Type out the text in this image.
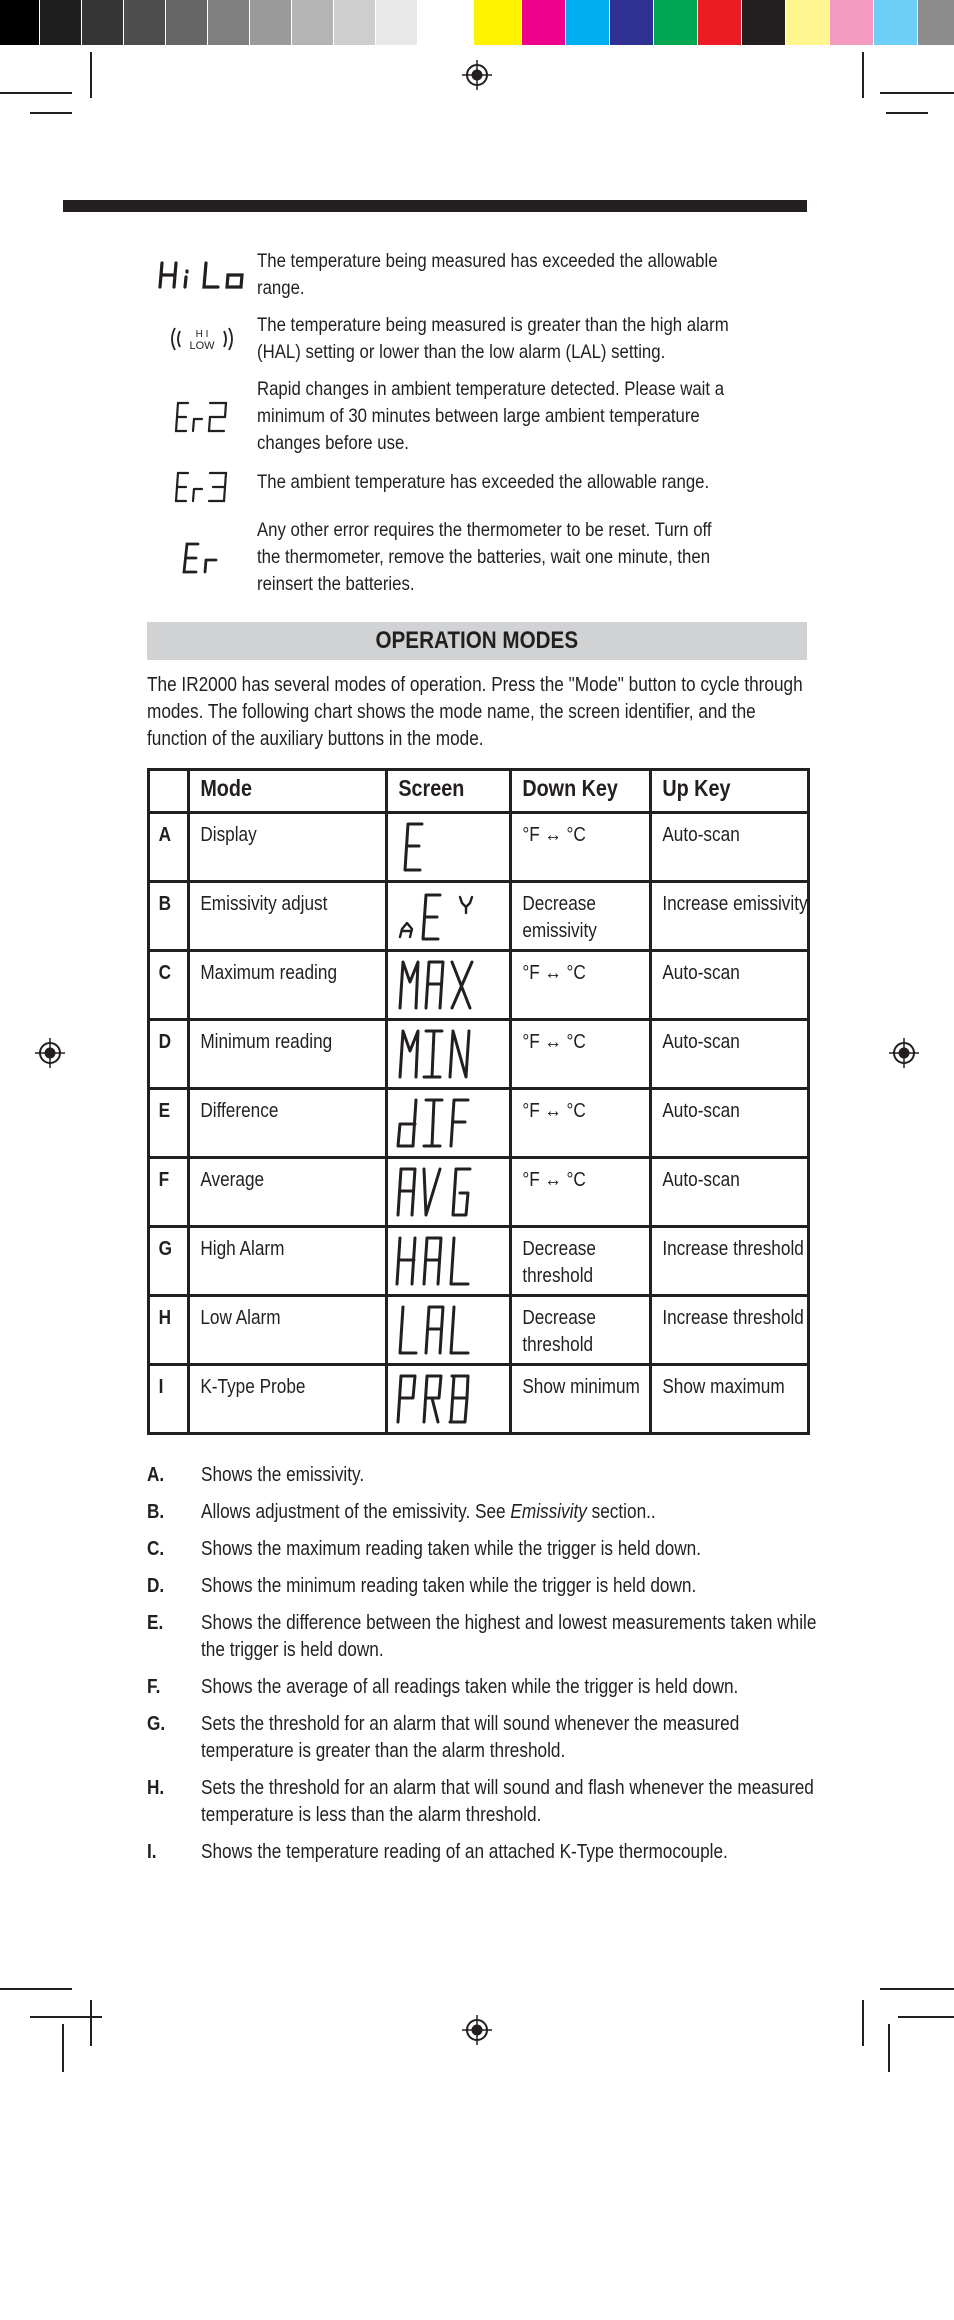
The temperature being measured has exceeded the allowable range.
H I
LOW
The temperature being measured is greater than the high alarm (HAL) setting or lower than the low alarm (LAL) setting.
Rapid changes in ambient temperature detected. Please wait a minimum of 30 minutes between large ambient temperature changes before use.
The ambient temperature has exceeded the allowable range.
Any other error requires the thermometer to be reset. Turn off the thermometer, remove the batteries, wait one minute, then reinsert the batteries.
OPERATION MODES
The IR2000 has several modes of operation. Press the "Mode" button to cycle through modes. The following chart shows the mode name, the screen identifier, and the function of the auxiliary buttons in the mode.

	Mode	Screen	Down Key	Up Key

A	Display		°F ↔ °C	Auto-scan

B	Emissivity adjust		Decrease emissivity	Increase emissivity

C	Maximum reading		°F ↔ °C	Auto-scan

D	Minimum reading		°F ↔ °C	Auto-scan

E	Difference		°F ↔ °C	Auto-scan

F	Average		°F ↔ °C	Auto-scan

G	High Alarm		Decrease threshold	Increase threshold

H	Low Alarm		Decrease threshold	Increase threshold

I	K-Type Probe		Show minimum	Show maximum
A.	Shows the emissivity.
B.	Allows adjustment of the emissivity. See Emissivity section..
C.	Shows the maximum reading taken while the trigger is held down.
D.	Shows the minimum reading taken while the trigger is held down.
E.	Shows the difference between the highest and lowest measurements taken while the trigger is held down.
F.	Shows the average of all readings taken while the trigger is held down.
G.	Sets the threshold for an alarm that will sound whenever the measured temperature is greater than the alarm threshold.
H.	Sets the threshold for an alarm that will sound and flash whenever the measured temperature is less than the alarm threshold.
I.	Shows the temperature reading of an attached K-Type thermocouple.
